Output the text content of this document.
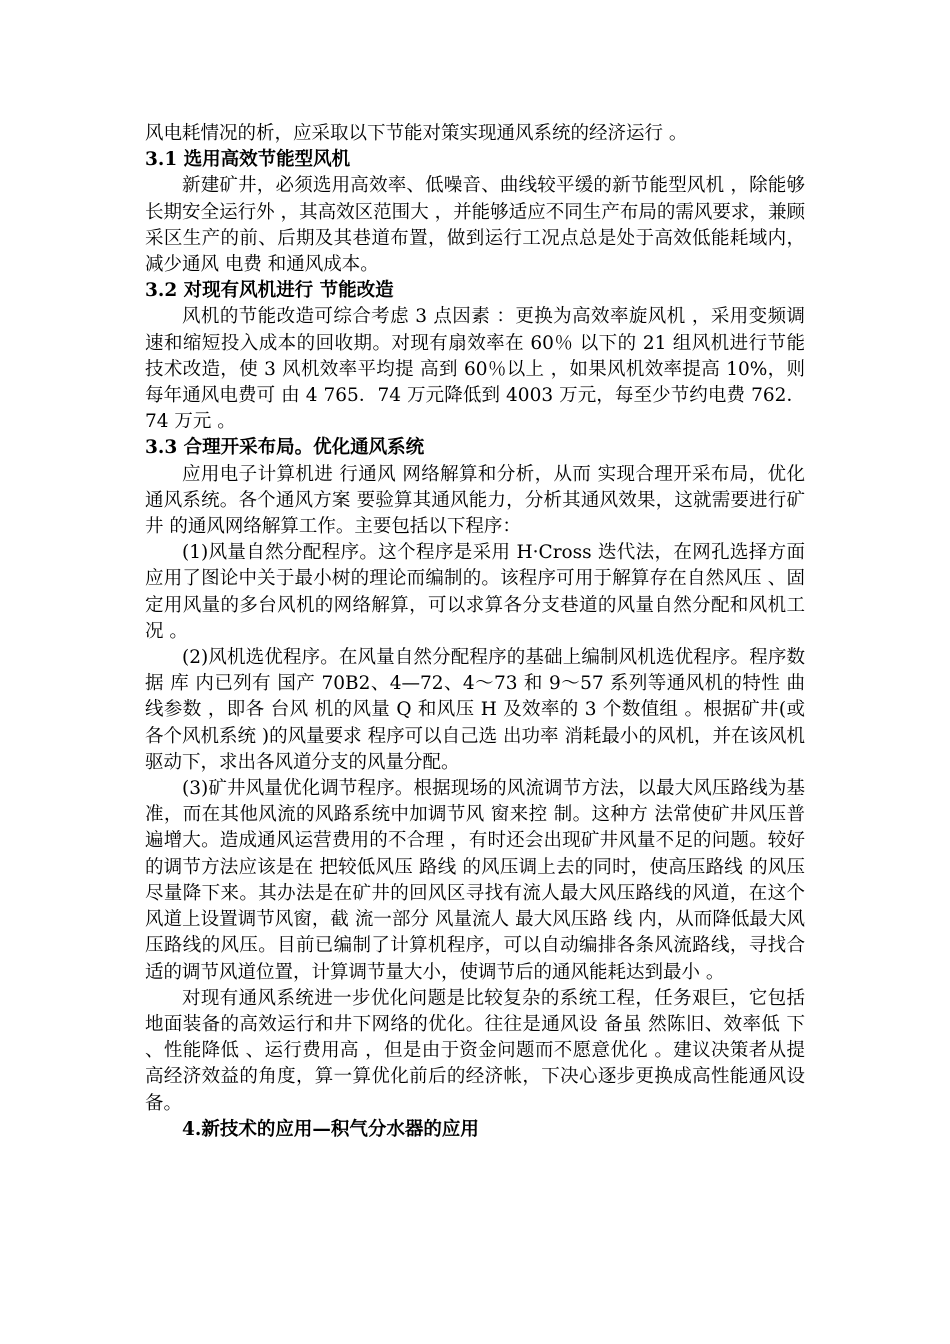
风电耗情况的析，应采取以下节能对策实现通风系统的经济运行 。

3.1 选用高效节能型风机

新建矿井，必须选用高效率、低噪音、曲线较平缓的新节能型风机 ，除能够长期安全运行外 ，其高效区范围大 ，并能够适应不同生产布局的需风要求，兼顾采区生产的前、后期及其巷道布置，做到运行工况点总是处于高效低能耗域内，减少通风 电费 和通风成本。

3.2 对现有风机进行 节能改造

风机的节能改造可综合考虑 3 点因素 ：更换为高效率旋风机 ，采用变频调速和缩短投入成本的回收期。对现有扇效率在 60％ 以下的 21 组风机进行节能技术改造，使 3 风机效率平均提 高到 60％以上 ，如果风机效率提高 10%，则每年通风电费可 由 4 765．74 万元降低到 4003 万元，每至少节约电费 762．74 万元 。

3.3 合理开采布局。优化通风系统

应用电子计算机进 行通风 网络解算和分析，从而 实现合理开采布局，优化通风系统。各个通风方案 要验算其通风能力，分析其通风效果，这就需要进行矿井 的通风网络解算工作。主要包括以下程序：

(1)风量自然分配程序。这个程序是采用 H·Cross 迭代法，在网孔选择方面应用了图论中关于最小树的理论而编制的。该程序可用于解算存在自然风压 、固定用风量的多台风机的网络解算，可以求算各分支巷道的风量自然分配和风机工况 。

(2)风机选优程序。在风量自然分配程序的基础上编制风机选优程序。程序数据 库 内已列有 国产 70B2、4—72、4～73 和 9～57 系列等通风机的特性 曲线参数 ，即各 台风 机的风量 Q 和风压 H 及效率的 3 个数值组 。根据矿井(或各个风机系统 )的风量要求 程序可以自己选 出功率 消耗最小的风机，并在该风机驱动下，求出各风道分支的风量分配。

(3)矿井风量优化调节程序。根据现场的风流调节方法，以最大风压路线为基准，而在其他风流的风路系统中加调节风 窗来控 制。这种方 法常使矿井风压普遍增大。造成通风运营费用的不合理 ，有时还会出现矿井风量不足的问题。较好 的调节方法应该是在 把较低风压 路线 的风压调上去的同时，使高压路线 的风压尽量降下来。其办法是在矿井的回风区寻找有流人最大风压路线的风道，在这个风道上设置调节风窗，截 流一部分 风量流人 最大风压路 线 内，从而降低最大风压路线的风压。目前已编制了计算机程序，可以自动编排各条风流路线，寻找合适的调节风道位置，计算调节量大小，使调节后的通风能耗达到最小 。

对现有通风系统进一步优化问题是比较复杂的系统工程，任务艰巨，它包括地面装备的高效运行和井下网络的优化。往往是通风设 备虽 然陈旧、效率低 下 、性能降低 、运行费用高 ，但是由于资金问题而不愿意优化 。建议决策者从提高经济效益的角度，算一算优化前后的经济帐，下决心逐步更换成高性能通风设备。

4.新技术的应用—积气分水器的应用
